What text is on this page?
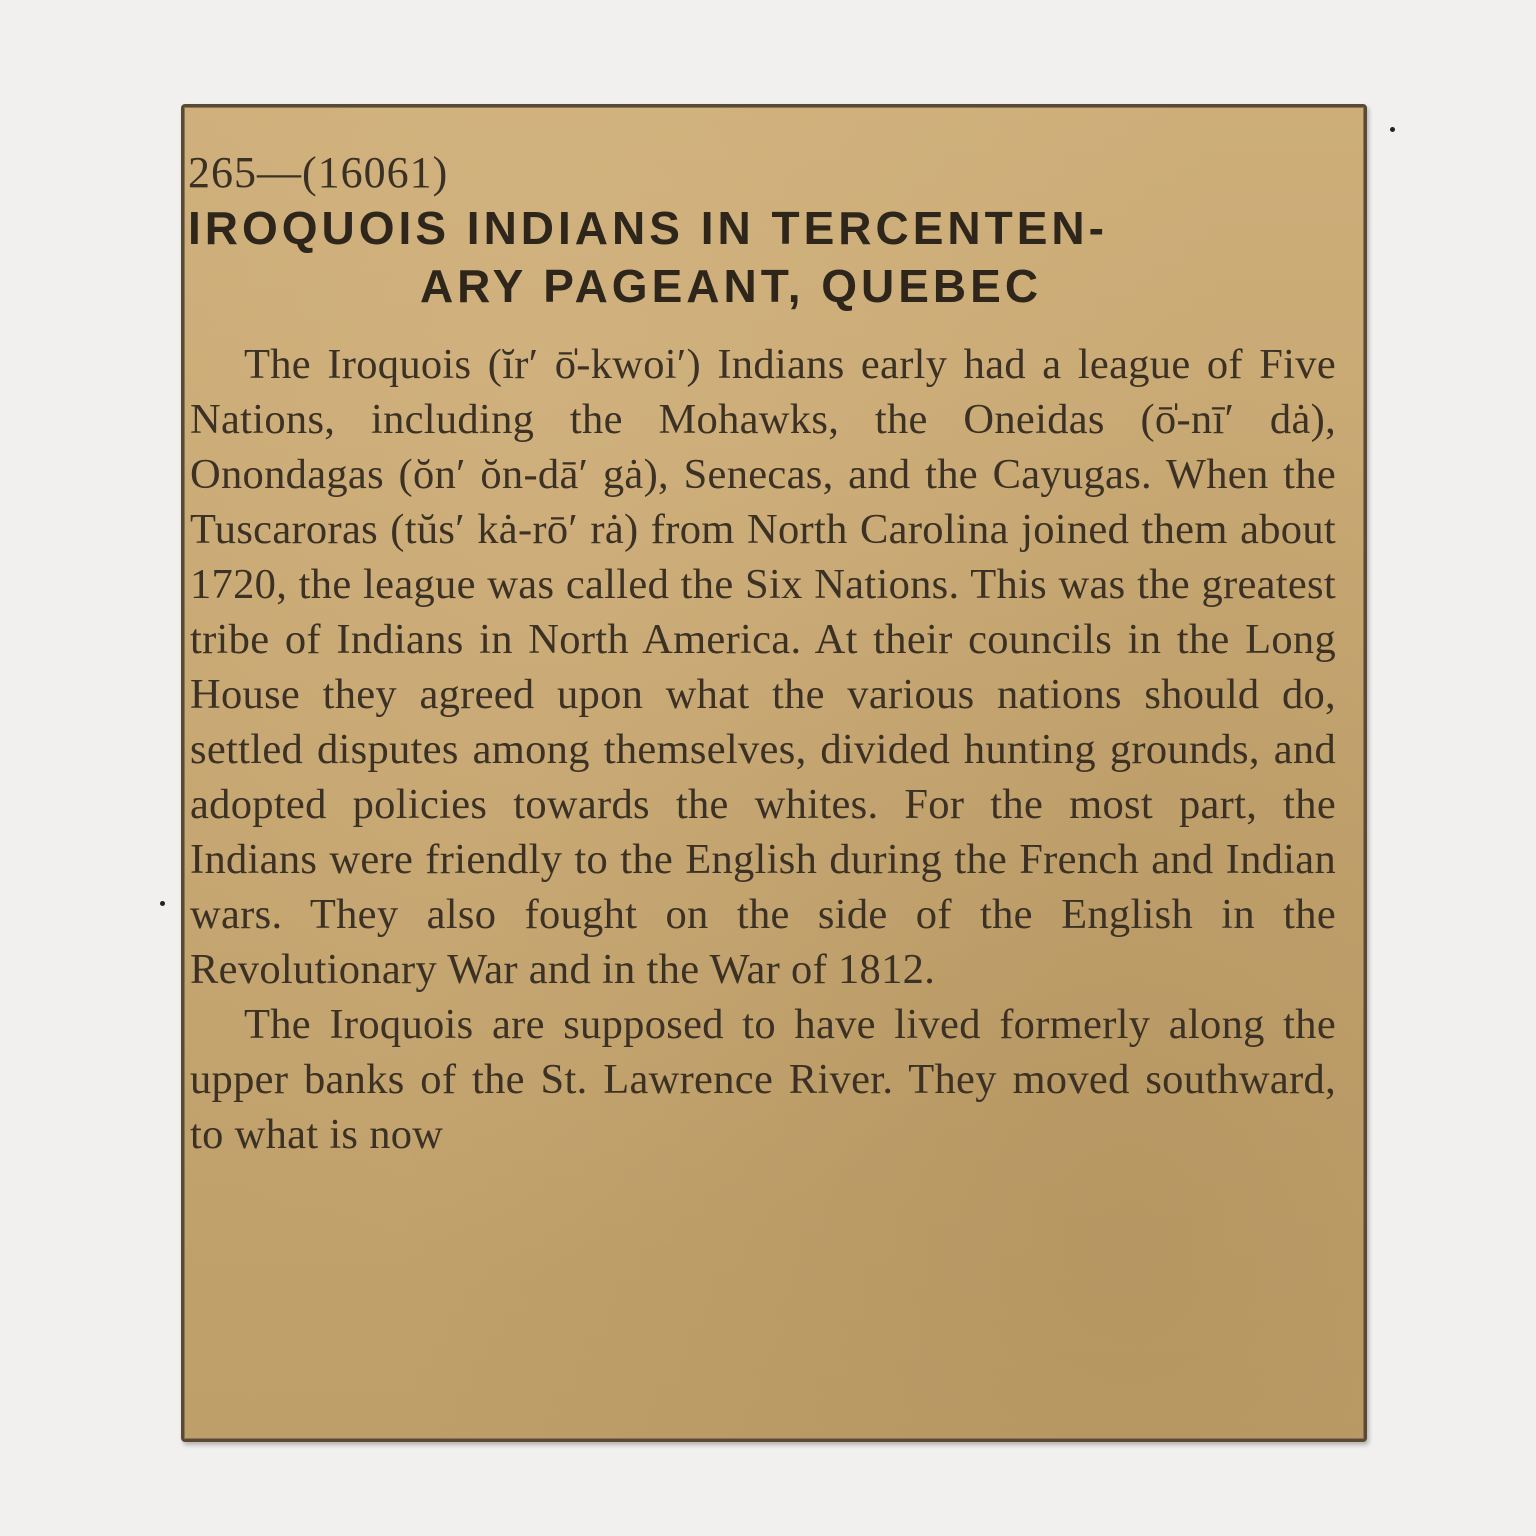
265—(16061)
IROQUOIS INDIANS IN TERCENTEN-
ARY PAGEANT, QUEBEC

The Iroquois (ĭr′ ō̍-kwoi′) Indians early had a league of Five Nations, including the Mohawks, the Oneidas (ō̍-nī′ dȧ), Onondagas (ŏn′ ŏn-dā′ gȧ), Senecas, and the Cayugas. When the Tuscaroras (tŭs′ kȧ-rō′ rȧ) from North Carolina joined them about 1720, the league was called the Six Nations. This was the greatest tribe of Indians in North America. At their councils in the Long House they agreed upon what the various nations should do, settled disputes among themselves, divided hunting grounds, and adopted policies towards the whites. For the most part, the Indians were friendly to the English during the French and Indian wars. They also fought on the side of the English in the Revolutionary War and in the War of 1812.

The Iroquois are supposed to have lived formerly along the upper banks of the St. Lawrence River. They moved southward, to what is now
